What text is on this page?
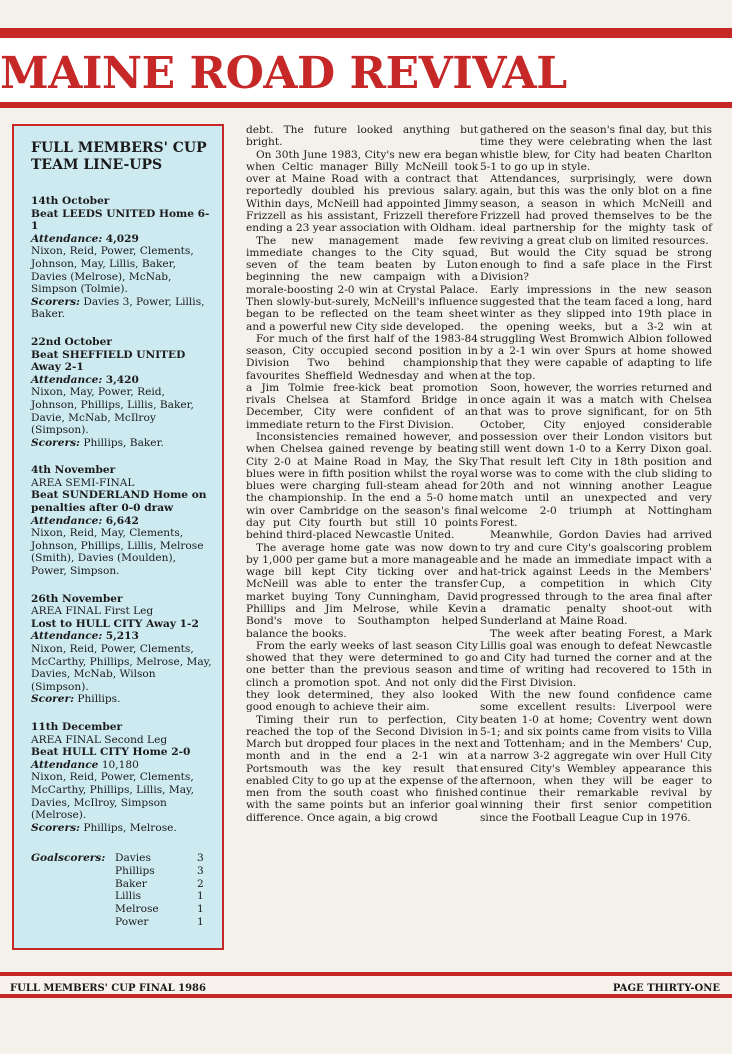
MAINE ROAD REVIVAL
FULL MEMBERS' CUP TEAM LINE-UPS
14th October
Beat LEEDS UNITED Home 6-1
Attendance: 4,029
Nixon, Reid, Power, Clements, Johnson, May, Lillis, Baker, Davies (Melrose), McNab, Simpson (Tolmie).
Scorers: Davies 3, Power, Lillis, Baker.
22nd October
Beat SHEFFIELD UNITED Away 2-1
Attendance: 3,420
Nixon, May, Power, Reid, Johnson, Phillips, Lillis, Baker, Davie, McNab, McIlroy (Simpson).
Scorers: Phillips, Baker.
4th November
AREA SEMI-FINAL
Beat SUNDERLAND Home on penalties after 0-0 draw
Attendance: 6,642
Nixon, Reid, May, Clements, Johnson, Phillips, Lillis, Melrose (Smith), Davies (Moulden), Power, Simpson.
26th November
AREA FINAL First Leg
Lost to HULL CITY Away 1-2
Attendance: 5,213
Nixon, Reid, Power, Clements, McCarthy, Phillips, Melrose, May, Davies, McNab, Wilson (Simpson).
Scorer: Phillips.
11th December
AREA FINAL Second Leg
Beat HULL CITY Home 2-0
Attendance 10,180
Nixon, Reid, Power, Clements, McCarthy, Phillips, Lillis, May, Davies, McIlroy, Simpson (Melrose).
Scorers: Phillips, Melrose.
Goalscorers: Davies	3
Phillips	3
Baker	2
Lillis	1
Melrose	1
Power	1

debt. The future looked anything but bright.

On 30th June 1983, City's new era began when Celtic manager Billy McNeill took over at Maine Road with a contract that reportedly doubled his previous salary. Within days, McNeill had appointed Jimmy Frizzell as his assistant, Frizzell therefore ending a 23 year association with Oldham.

The new management made few immediate changes to the City squad, seven of the team beaten by Luton beginning the new campaign with a morale-boosting 2-0 win at Crystal Palace. Then slowly-but-surely, McNeill's influence began to be reflected on the team sheet and a powerful new City side developed.

For much of the first half of the 1983-84 season, City occupied second position in Division Two behind championship favourites Sheffield Wednesday and when a Jim Tolmie free-kick beat promotion rivals Chelsea at Stamford Bridge in December, City were confident of an immediate return to the First Division.

Inconsistencies remained however, and when Chelsea gained revenge by beating City 2-0 at Maine Road in May, the Sky blues were in fifth position whilst the royal blues were charging full-steam ahead for the championship. In the end a 5-0 home win over Cambridge on the season's final day put City fourth but still 10 points behind third-placed Newcastle United.

The average home gate was now down by 1,000 per game but a more manageable wage bill kept City ticking over and McNeill was able to enter the transfer market buying Tony Cunningham, David Phillips and Jim Melrose, while Kevin Bond's move to Southampton helped balance the books.

From the early weeks of last season City showed that they were determined to go one better than the previous season and clinch a promotion spot. And not only did they look determined, they also looked good enough to achieve their aim.

Timing their run to perfection, City reached the top of the Second Division in March but dropped four places in the next month and in the end a 2-1 win at Portsmouth was the key result that enabled City to go up at the expense of the men from the south coast who finished with the same points but an inferior goal difference. Once again, a big crowd

gathered on the season's final day, but this time they were celebrating when the last whistle blew, for City had beaten Charlton 5-1 to go up in style.

Attendances, surprisingly, were down again, but this was the only blot on a fine season, a season in which McNeill and Frizzell had proved themselves to be the ideal partnership for the mighty task of reviving a great club on limited resources.

But would the City squad be strong enough to find a safe place in the First Division?

Early impressions in the new season suggested that the team faced a long, hard winter as they slipped into 19th place in the opening weeks, but a 3-2 win at struggling West Bromwich Albion followed by a 2-1 win over Spurs at home showed that they were capable of adapting to life at the top.

Soon, however, the worries returned and once again it was a match with Chelsea that was to prove significant, for on 5th October, City enjoyed considerable possession over their London visitors but still went down 1-0 to a Kerry Dixon goal. That result left City in 18th position and worse was to come with the club sliding to 20th and not winning another League match until an unexpected and very welcome 2-0 triumph at Nottingham Forest.

Meanwhile, Gordon Davies had arrived to try and cure City's goalscoring problem and he made an immediate impact with a hat-trick against Leeds in the Members' Cup, a competition in which City progressed through to the area final after a dramatic penalty shoot-out with Sunderland at Maine Road.

The week after beating Forest, a Mark Lillis goal was enough to defeat Newcastle and City had turned the corner and at the time of writing had recovered to 15th in the First Division.

With the new found confidence came some excellent results: Liverpool were beaten 1-0 at home; Coventry went down 5-1; and six points came from visits to Villa and Tottenham; and in the Members' Cup, a narrow 3-2 aggregate win over Hull City ensured City's Wembley appearance this afternoon, when they will be eager to continue their remarkable revival by winning their first senior competition since the Football League Cup in 1976.

FULL MEMBERS' CUP FINAL 1986	PAGE THIRTY-ONE
